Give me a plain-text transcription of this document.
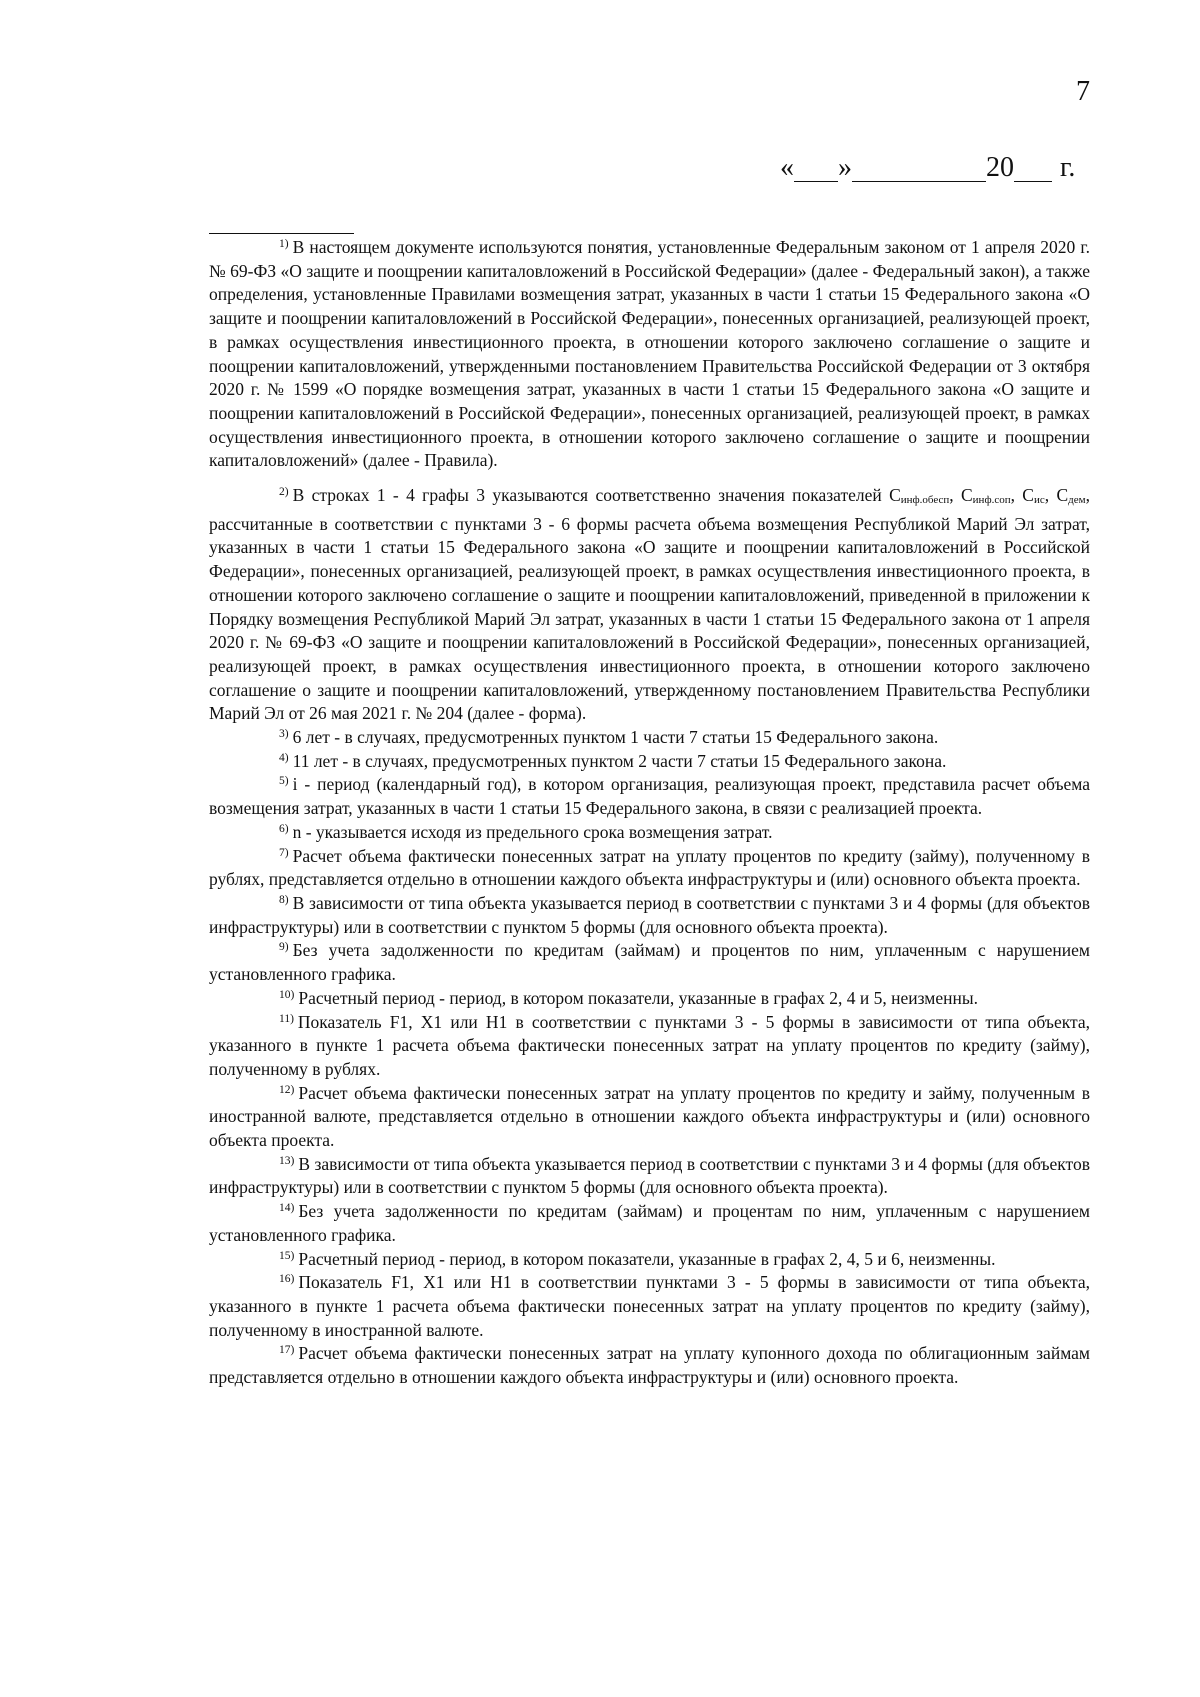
7
« »	20 г.

$^{1)}$ В настоящем документе используются понятия, установленные Федеральным законом от 1 апреля 2020 г. № 69-ФЗ «О защите и поощрении капиталовложений в Российской Федерации» (далее - Федеральный закон), а также определения, установленные Правилами возмещения затрат, указанных в части 1 статьи 15 Федерального закона «О защите и поощрении капиталовложений в Российской Федерации», понесенных организацией, реализующей проект, в рамках осуществления инвестиционного проекта, в отношении которого заключено соглашение о защите и поощрении капиталовложений, утвержденными постановлением Правительства Российской Федерации от 3 октября 2020 г. № 1599 «О порядке возмещения затрат, указанных в части 1 статьи 15 Федерального закона «О защите и поощрении капиталовложений в Российской Федерации», понесенных организацией, реализующей проект, в рамках осуществления инвестиционного проекта, в отношении которого заключено соглашение о защите и поощрении капиталовложений» (далее - Правила).

$^{2)}$ В строках 1 - 4 графы 3 указываются соответственно значения показателей Синф.обесп, Синф.соп, Сис, Сдем, рассчитанные в соответствии с пунктами 3 - 6 формы расчета объема возмещения Республикой Марий Эл затрат, указанных в части 1 статьи 15 Федерального закона «О защите и поощрении капиталовложений в Российской Федерации», понесенных организацией, реализующей проект, в рамках осуществления инвестиционного проекта, в отношении которого заключено соглашение о защите и поощрении капиталовложений, приведенной в приложении к Порядку возмещения Республикой Марий Эл затрат, указанных в части 1 статьи 15 Федерального закона от 1 апреля 2020 г. № 69-ФЗ «О защите и поощрении капиталовложений в Российской Федерации», понесенных организацией, реализующей проект, в рамках осуществления инвестиционного проекта, в отношении которого заключено соглашение о защите и поощрении капиталовложений, утвержденному постановлением Правительства Республики Марий Эл от 26 мая 2021 г. № 204 (далее - форма).

$^{3)}$ 6 лет - в случаях, предусмотренных пунктом 1 части 7 статьи 15 Федерального закона.

$^{4)}$ 11 лет - в случаях, предусмотренных пунктом 2 части 7 статьи 15 Федерального закона.

$^{5)}$ i - период (календарный год), в котором организация, реализующая проект, представила расчет объема возмещения затрат, указанных в части 1 статьи 15 Федерального закона, в связи с реализацией проекта.

$^{6)}$ n - указывается исходя из предельного срока возмещения затрат.

$^{7)}$ Расчет объема фактически понесенных затрат на уплату процентов по кредиту (займу), полученному в рублях, представляется отдельно в отношении каждого объекта инфраструктуры и (или) основного объекта проекта.

$^{8)}$ В зависимости от типа объекта указывается период в соответствии с пунктами 3 и 4 формы (для объектов инфраструктуры) или в соответствии с пунктом 5 формы (для основного объекта проекта).

$^{9)}$ Без учета задолженности по кредитам (займам) и процентов по ним, уплаченным с нарушением установленного графика.

$^{10)}$ Расчетный период - период, в котором показатели, указанные в графах 2, 4 и 5, неизменны.

$^{11)}$ Показатель F1, X1 или H1 в соответствии с пунктами 3 - 5 формы в зависимости от типа объекта, указанного в пункте 1 расчета объема фактически понесенных затрат на уплату процентов по кредиту (займу), полученному в рублях.

$^{12)}$ Расчет объема фактически понесенных затрат на уплату процентов по кредиту и займу, полученным в иностранной валюте, представляется отдельно в отношении каждого объекта инфраструктуры и (или) основного объекта проекта.

$^{13)}$ В зависимости от типа объекта указывается период в соответствии с пунктами 3 и 4 формы (для объектов инфраструктуры) или в соответствии с пунктом 5 формы (для основного объекта проекта).

$^{14)}$ Без учета задолженности по кредитам (займам) и процентам по ним, уплаченным с нарушением установленного графика.

$^{15)}$ Расчетный период - период, в котором показатели, указанные в графах 2, 4, 5 и 6, неизменны.

$^{16)}$ Показатель F1, X1 или H1 в соответствии пунктами 3 - 5 формы в зависимости от типа объекта, указанного в пункте 1 расчета объема фактически понесенных затрат на уплату процентов по кредиту (займу), полученному в иностранной валюте.

$^{17)}$ Расчет объема фактически понесенных затрат на уплату купонного дохода по облигационным займам представляется отдельно в отношении каждого объекта инфраструктуры и (или) основного проекта.
